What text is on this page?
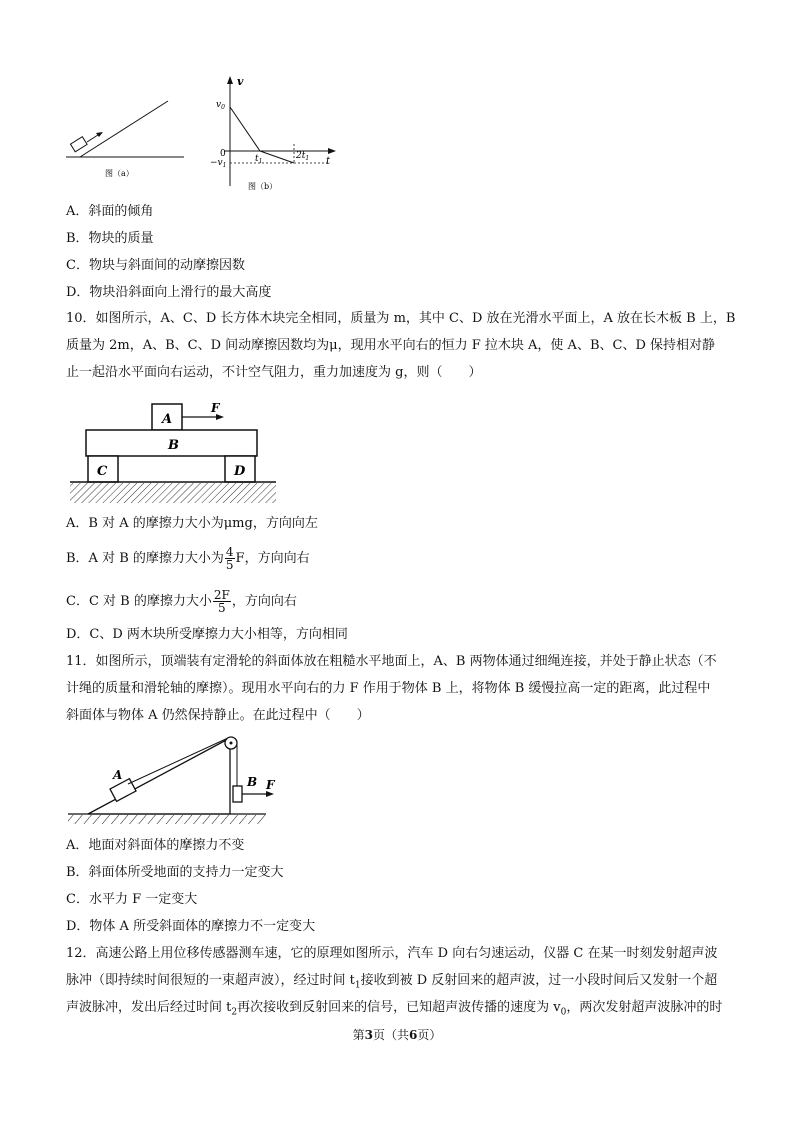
图（a）
v
t
$v_0$
0
$-v_1$
$t_1$
$2t_1$
图（b）
A．斜面的倾角
B．物块的质量
C．物块与斜面间的动摩擦因数
D．物块沿斜面向上滑行的最大高度
10．如图所示，A、C、D 长方体木块完全相同，质量为 m，其中 C、D 放在光滑水平面上，A 放在长木板 B 上，B
质量为 2m，A、B、C、D 间动摩擦因数均为μ，现用水平向右的恒力 F 拉木块 A，使 A、B、C、D 保持相对静
止一起沿水平面向右运动，不计空气阻力，重力加速度为 g，则（　　）
A
F
B
C	D
A．B 对 A 的摩擦力大小为μmg，方向向左
B．A 对 B 的摩擦力大小为 $\frac{4}{5}$ F，方向向右
C．C 对 B 的摩擦力大小 $\frac{2F}{5}$ ，方向向右
D．C、D 两木块所受摩擦力大小相等，方向相同
11．如图所示，顶端装有定滑轮的斜面体放在粗糙水平地面上，A、B 两物体通过细绳连接，并处于静止状态（不
计绳的质量和滑轮轴的摩擦）。现用水平向右的力 F 作用于物体 B 上，将物体 B 缓慢拉高一定的距离，此过程中
斜面体与物体 A 仍然保持静止。在此过程中（　　）
A	B F
A．地面对斜面体的摩擦力不变
B．斜面体所受地面的支持力一定变大
C．水平力 F 一定变大
D．物体 A 所受斜面体的摩擦力不一定变大
12．高速公路上用位移传感器测车速，它的原理如图所示，汽车 D 向右匀速运动，仪器 C 在某一时刻发射超声波
脉冲（即持续时间很短的一束超声波），经过时间 $t_1$接收到被 D 反射回来的超声波，过一小段时间后又发射一个超
声波脉冲，发出后经过时间 $t_2$再次接收到反射回来的信号，已知超声波传播的速度为 $v_0$，两次发射超声波脉冲的时
第3页（共6页）
